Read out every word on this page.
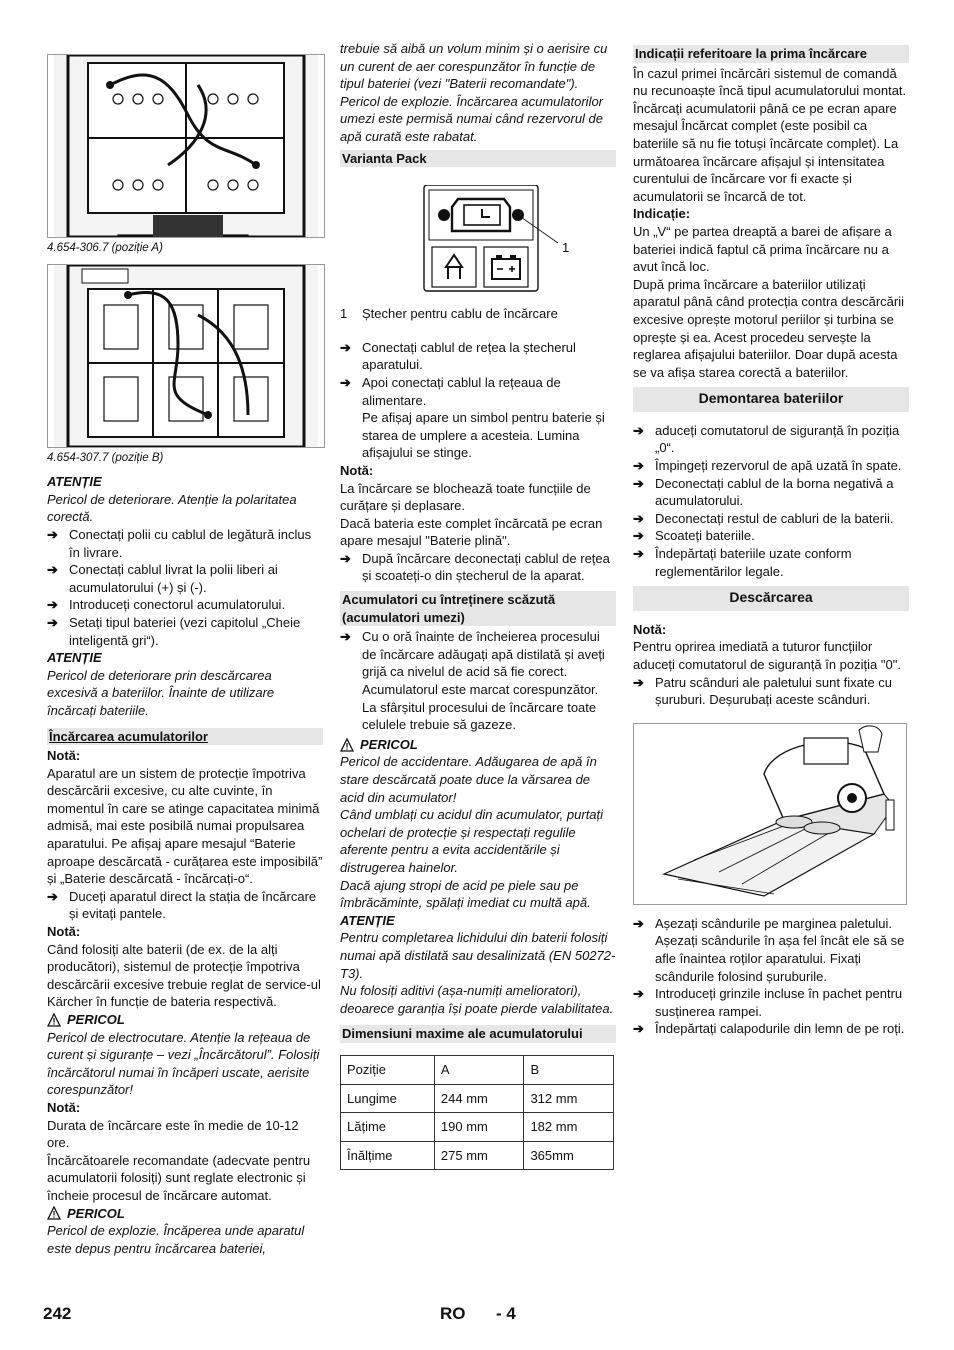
4.654-306.7 (poziție A)

4.654-307.7 (poziție B)

ATENȚIE

Pericol de deteriorare. Atenție la polaritatea corectă.

➔ Conectați polii cu cablul de legătură inclus în livrare.
➔ Conectați cablul livrat la polii liberi ai acumulatorului (+) și (-).
➔ Introduceți conectorul acumulatorului.
➔ Setați tipul bateriei (vezi capitolul „Cheie inteligentă gri“).

ATENȚIE

Pericol de deteriorare prin descărcarea excesivă a bateriilor. Înainte de utilizare încărcați bateriile.

Încărcarea acumulatorilor

Notă:

Aparatul are un sistem de protecție împotriva descărcării excesive, cu alte cuvinte, în momentul în care se atinge capacitatea minimă admisă, mai este posibilă numai propulsarea aparatului. Pe afișaj apare mesajul “Baterie aproape descărcată - curățarea este imposibilă” și „Baterie descărcată - încărcați-o“.

➔ Duceți aparatul direct la stația de încărcare și evitați pantele.

Notă:

Când folosiți alte baterii (de ex. de la alți producători), sistemul de protecție împotriva descărcării excesive trebuie reglat de service-ul Kärcher în funcție de bateria respectivă.

PERICOL

Pericol de electrocutare. Atenție la rețeaua de curent și siguranțe – vezi „Încărcătorul”. Folosiți încărcătorul numai în încăperi uscate, aerisite corespunzător!

Notă:

Durata de încărcare este în medie de 10-12 ore.

Încărcătoarele recomandate (adecvate pentru acumulatorii folosiți) sunt reglate electronic și încheie procesul de încărcare automat.

PERICOL

Pericol de explozie. Încăperea unde aparatul este depus pentru încărcarea bateriei,

trebuie să aibă un volum minim și o aerisire cu un curent de aer corespunzător în funcție de tipul bateriei (vezi "Baterii recomandate").

Pericol de explozie. Încărcarea acumulatorilor umezi este permisă numai când rezervorul de apă curată este rabatat.

Varianta Pack

1
1	Ștecher pentru cablu de încărcare
➔ Conectați cablul de rețea la ștecherul aparatului.
➔ Apoi conectați cablul la rețeaua de alimentare.

Pe afișaj apare un simbol pentru baterie și starea de umplere a acesteia. Lumina afișajului se stinge.

Notă:

La încărcare se blochează toate funcțiile de curățare și deplasare.

Dacă bateria este complet încărcată pe ecran apare mesajul "Baterie plină".

➔ După încărcare deconectați cablul de rețea și scoateți-o din ștecherul de la aparat.

Acumulatori cu întreținere scăzută (acumulatori umezi)

➔ Cu o oră înainte de încheierea procesului de încărcare adăugați apă distilată și aveți grijă ca nivelul de acid să fie corect. Acumulatorul este marcat corespunzător. La sfârșitul procesului de încărcare toate celulele trebuie să gazeze.
PERICOL

Pericol de accidentare. Adăugarea de apă în stare descărcată poate duce la vărsarea de acid din acumulator!

Când umblați cu acidul din acumulator, purtați ochelari de protecție și respectați regulile aferente pentru a evita accidentările și distrugerea hainelor.

Dacă ajung stropi de acid pe piele sau pe îmbrăcăminte, spălați imediat cu multă apă.

ATENȚIE

Pentru completarea lichidului din baterii folosiți numai apă distilată sau desalinizată (EN 50272-T3).

Nu folosiți aditivi (așa-numiți amelioratori), deoarece garanția își poate pierde valabilitatea.

Dimensiuni maxime ale acumulatorului

Poziție	A	B
Lungime	244 mm	312 mm
Lățime	190 mm	182 mm
Înălțime	275 mm	365mm

Indicații referitoare la prima încărcare

În cazul primei încărcări sistemul de comandă nu recunoaște încă tipul acumulatorului montat. Încărcați acumulatorii până ce pe ecran apare mesajul Încărcat complet (este posibil ca bateriile să nu fie totuși încărcate complet). La următoarea încărcare afișajul și intensitatea curentului de încărcare vor fi exacte și acumulatorii se încarcă de tot.

Indicație:

Un „V“ pe partea dreaptă a barei de afișare a bateriei indică faptul că prima încărcare nu a avut încă loc.

După prima încărcare a bateriilor utilizați aparatul până când protecția contra descărcării excesive oprește motorul periilor și turbina se oprește și ea. Acest procedeu servește la reglarea afișajului bateriilor. Doar după acesta se va afișa starea corectă a bateriilor.

Demontarea bateriilor

➔ aduceți comutatorul de siguranță în poziția „0“.
➔ Împingeți rezervorul de apă uzată în spate.
➔ Deconectați cablul de la borna negativă a acumulatorului.
➔ Deconectați restul de cabluri de la baterii.
➔ Scoateți bateriile.
➔ Îndepărtați bateriile uzate conform reglementărilor legale.

Descărcarea

Notă:

Pentru oprirea imediată a tuturor funcțiilor aduceți comutatorul de siguranță în poziția "0".

➔ Patru scânduri ale paletului sunt fixate cu șuruburi. Deșurubați aceste scânduri.
➔ Așezați scândurile pe marginea paletului. Așezați scândurile în așa fel încât ele să se afle înaintea roților aparatului. Fixați scândurile folosind șuruburile.
➔ Introduceți grinzile incluse în pachet pentru susținerea rampei.
➔ Îndepărtați calapodurile din lemn de pe roți.
242	RO - 4
